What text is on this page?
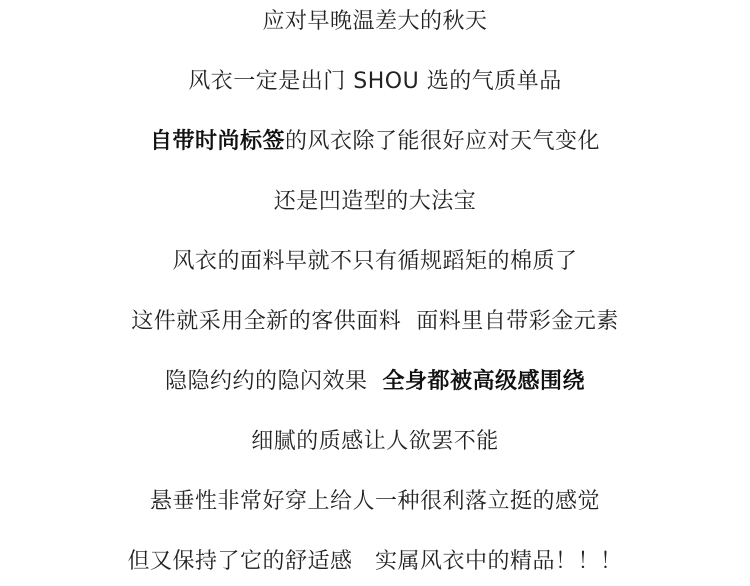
应对早晚温差大的秋天
风衣一定是出门 SHOU 选的气质单品
自带时尚标签的风衣除了能很好应对天气变化
还是凹造型的大法宝
风衣的面料早就不只有循规蹈矩的棉质了
这件就采用全新的客供面料  面料里自带彩金元素
隐隐约约的隐闪效果  全身都被高级感围绕
细腻的质感让人欲罢不能
悬垂性非常好穿上给人一种很利落立挺的感觉
但又保持了它的舒适感   实属风衣中的精品！！！
